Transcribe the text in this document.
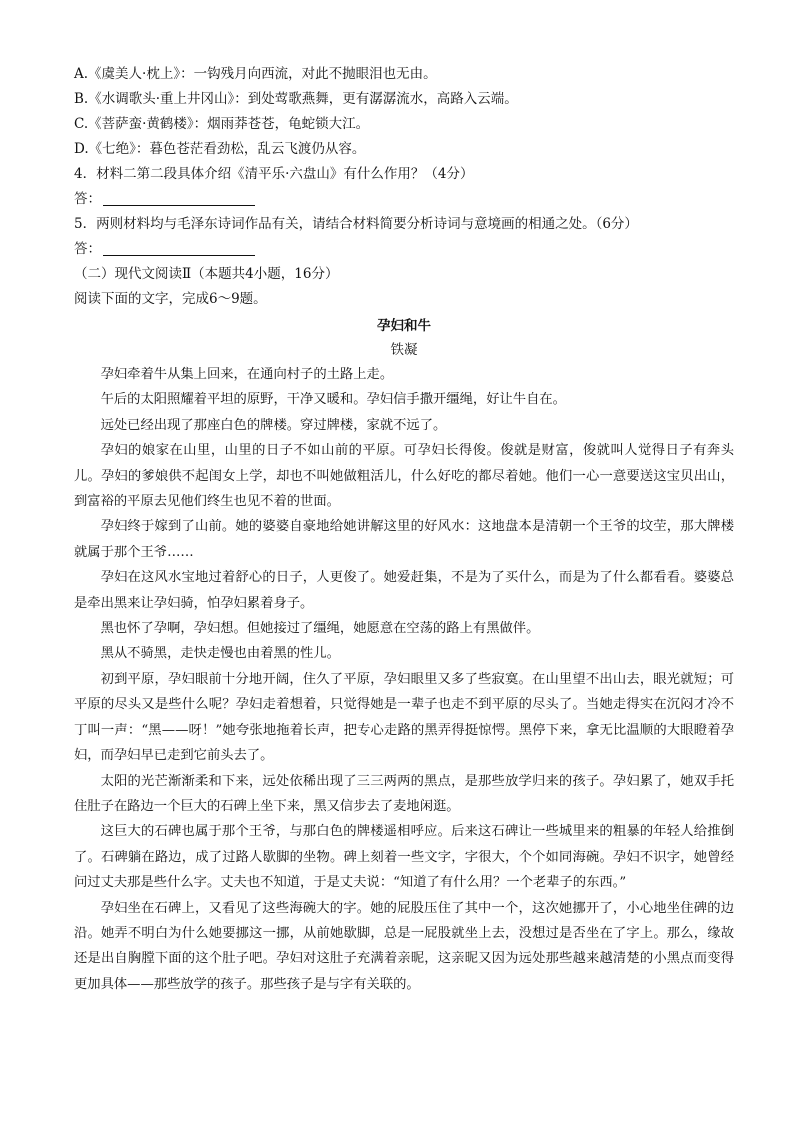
A.《虞美人·枕上》：一钩残月向西流，对此不抛眼泪也无由。
B.《水调歌头·重上井冈山》：到处莺歌燕舞，更有潺潺流水，高路入云端。
C.《菩萨蛮·黄鹤楼》：烟雨莽苍苍，龟蛇锁大江。
D.《七绝》：暮色苍茫看劲松，乱云飞渡仍从容。
4．材料二第二段具体介绍《清平乐·六盘山》有什么作用？（4分）
答：
5．两则材料均与毛泽东诗词作品有关，请结合材料简要分析诗词与意境画的相通之处。（6分）
答：
（二）现代文阅读Ⅱ（本题共4小题，16分）
阅读下面的文字，完成6～9题。
孕妇和牛
铁凝

孕妇牵着牛从集上回来，在通向村子的土路上走。

午后的太阳照耀着平坦的原野，干净又暖和。孕妇信手撒开缰绳，好让牛自在。

远处已经出现了那座白色的牌楼。穿过牌楼，家就不远了。

孕妇的娘家在山里，山里的日子不如山前的平原。可孕妇长得俊。俊就是财富，俊就叫人觉得日子有奔头儿。孕妇的爹娘供不起闺女上学，却也不叫她做粗活儿，什么好吃的都尽着她。他们一心一意要送这宝贝出山，到富裕的平原去见他们终生也见不着的世面。

孕妇终于嫁到了山前。她的婆婆自豪地给她讲解这里的好风水：这地盘本是清朝一个王爷的坟茔，那大牌楼就属于那个王爷……

孕妇在这风水宝地过着舒心的日子，人更俊了。她爱赶集，不是为了买什么，而是为了什么都看看。婆婆总是牵出黑来让孕妇骑，怕孕妇累着身子。

黑也怀了孕啊，孕妇想。但她接过了缰绳，她愿意在空荡的路上有黑做伴。

黑从不骑黑，走快走慢也由着黑的性儿。

初到平原，孕妇眼前十分地开阔，住久了平原，孕妇眼里又多了些寂寞。在山里望不出山去，眼光就短；可平原的尽头又是些什么呢？孕妇走着想着，只觉得她是一辈子也走不到平原的尽头了。当她走得实在沉闷才冷不丁叫一声：“黑——呀！”她夸张地拖着长声，把专心走路的黑弄得挺惊愕。黑停下来，拿无比温顺的大眼瞪着孕妇，而孕妇早已走到它前头去了。

太阳的光芒渐渐柔和下来，远处依稀出现了三三两两的黑点，是那些放学归来的孩子。孕妇累了，她双手托住肚子在路边一个巨大的石碑上坐下来，黑又信步去了麦地闲逛。

这巨大的石碑也属于那个王爷，与那白色的牌楼遥相呼应。后来这石碑让一些城里来的粗暴的年轻人给推倒了。石碑躺在路边，成了过路人歇脚的坐物。碑上刻着一些文字，字很大，个个如同海碗。孕妇不识字，她曾经问过丈夫那是些什么字。丈夫也不知道，于是丈夫说：“知道了有什么用？一个老辈子的东西。”

孕妇坐在石碑上，又看见了这些海碗大的字。她的屁股压住了其中一个，这次她挪开了，小心地坐住碑的边沿。她弄不明白为什么她要挪这一挪，从前她歇脚，总是一屁股就坐上去，没想过是否坐在了字上。那么，缘故还是出自胸膛下面的这个肚子吧。孕妇对这肚子充满着亲昵，这亲昵又因为远处那些越来越清楚的小黑点而变得更加具体——那些放学的孩子。那些孩子是与字有关联的。
